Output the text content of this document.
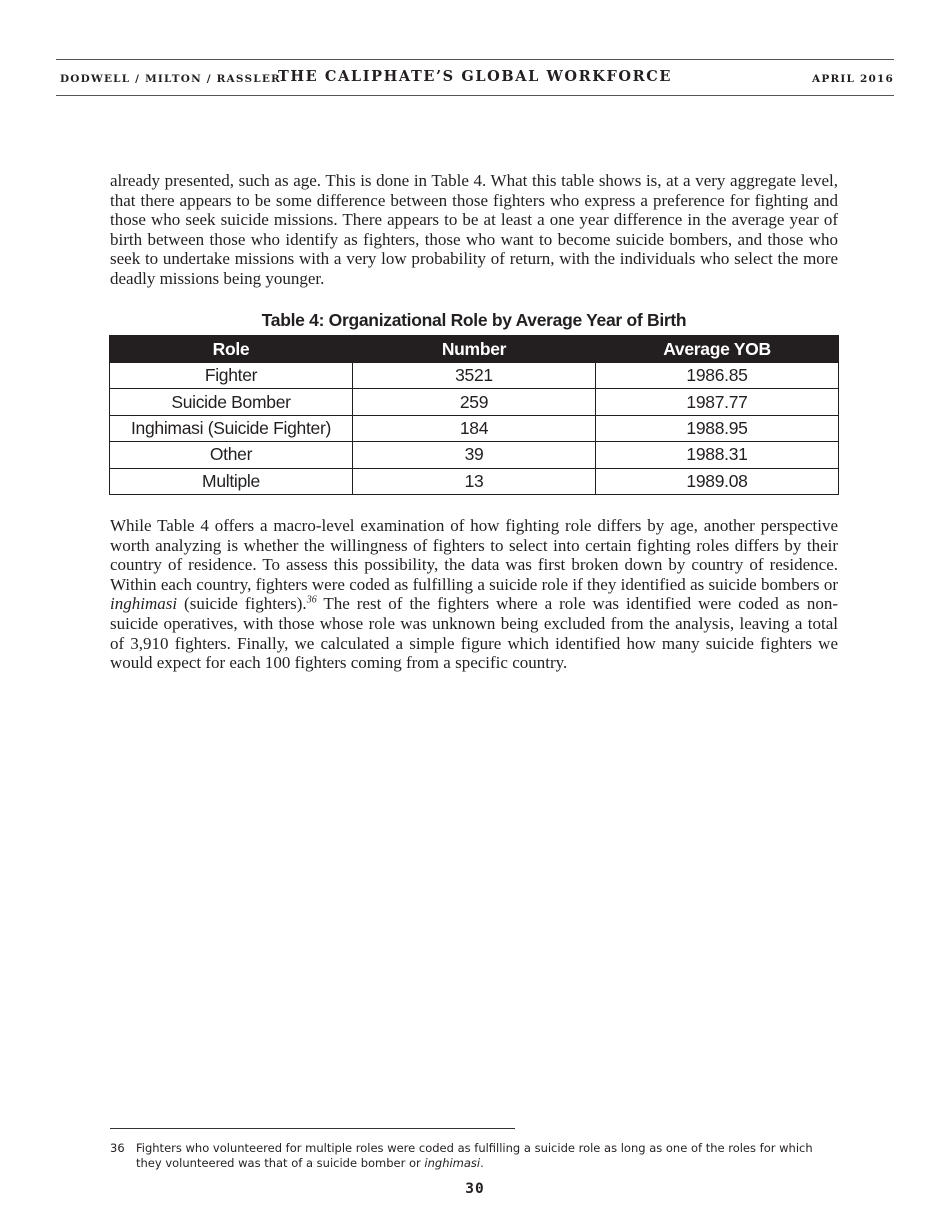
DODWELL / MILTON / RASSLER
THE CALIPHATE’S GLOBAL WORKFORCE	APRIL 2016

already presented, such as age. This is done in Table 4. What this table shows is, at a very aggregate level, that there appears to be some difference between those fighters who express a preference for fighting and those who seek suicide missions. There appears to be at least a one year difference in the average year of birth between those who identify as fighters, those who want to become suicide bombers, and those who seek to undertake missions with a very low probability of return, with the individuals who select the more deadly missions being younger.

Table 4: Organizational Role by Average Year of Birth
Role	Number	Average YOB
Fighter	3521	1986.85
Suicide Bomber	259	1987.77
Inghimasi (Suicide Fighter)	184	1988.95
Other	39	1988.31
Multiple	13	1989.08

While Table 4 offers a macro-level examination of how fighting role differs by age, another perspective worth analyzing is whether the willingness of fighters to select into certain fighting roles differs by their country of residence. To assess this possibility, the data was first broken down by country of residence. Within each country, fighters were coded as fulfilling a suicide role if they identified as suicide bombers or inghimasi (suicide fighters).$^{36}$ The rest of the fighters where a role was identified were coded as non-suicide operatives, with those whose role was unknown being excluded from the analysis, leaving a total of 3,910 fighters. Finally, we calculated a simple figure which identified how many suicide fighters we would expect for each 100 fighters coming from a specific country.

36 Fighters who volunteered for multiple roles were coded as fulfilling a suicide role as long as one of the roles for which they volunteered was that of a suicide bomber or inghimasi.
30
